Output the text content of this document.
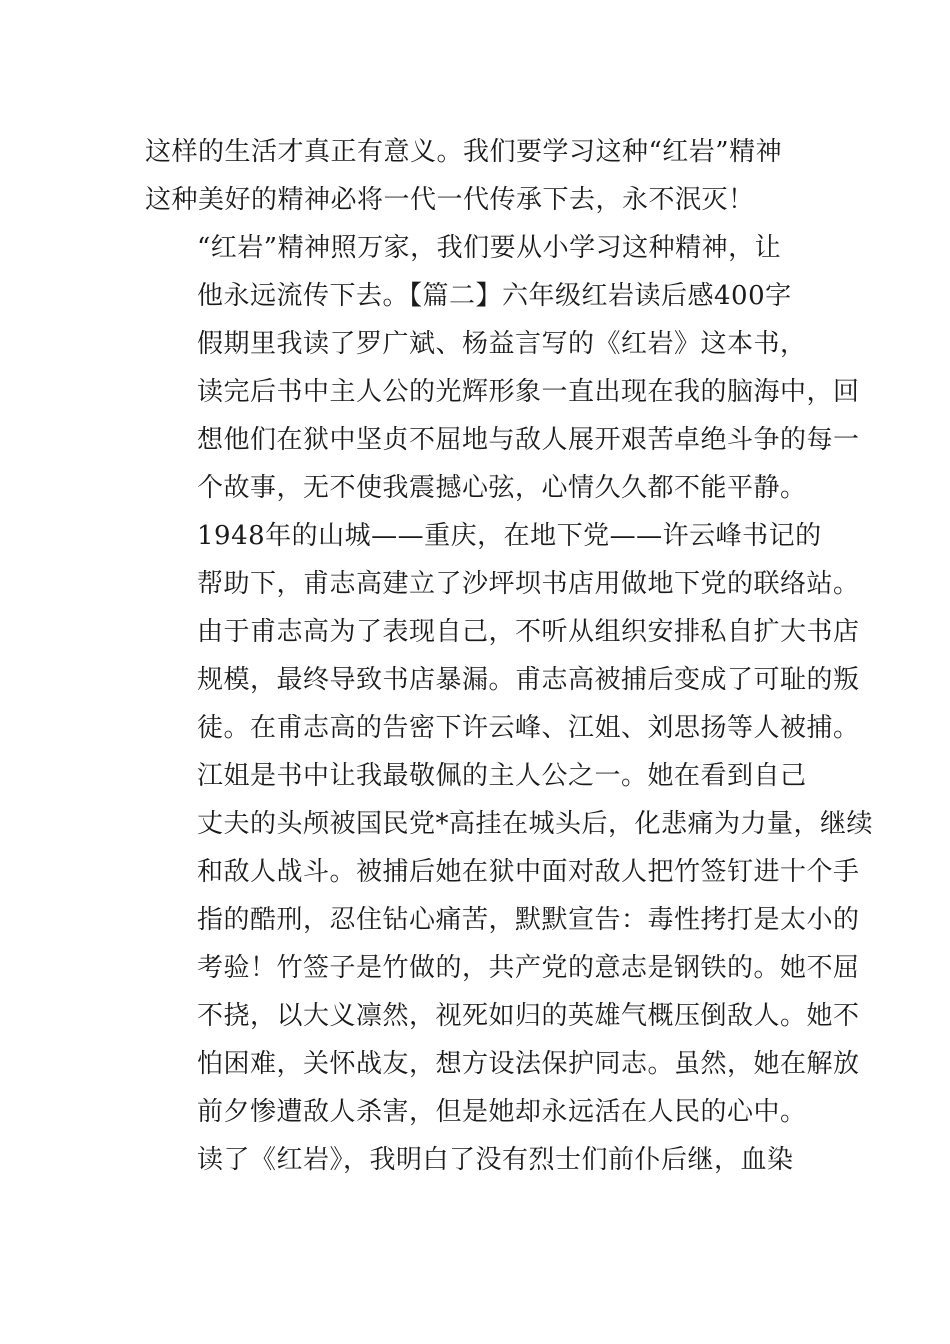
这样的生活才真正有意义。我们要学习这种“红岩”精神
这种美好的精神必将一代一代传承下去，永不泯灭！

“红岩”精神照万家，我们要从小学习这种精神，让
他永远流传下去。【篇二】六年级红岩读后感400字

假期里我读了罗广斌、杨益言写的《红岩》这本书，
读完后书中主人公的光辉形象一直出现在我的脑海中，回
想他们在狱中坚贞不屈地与敌人展开艰苦卓绝斗争的每一
个故事，无不使我震撼心弦，心情久久都不能平静。

1948年的山城——重庆，在地下党——许云峰书记的
帮助下，甫志高建立了沙坪坝书店用做地下党的联络站。
由于甫志高为了表现自己，不听从组织安排私自扩大书店
规模，最终导致书店暴漏。甫志高被捕后变成了可耻的叛
徒。在甫志高的告密下许云峰、江姐、刘思扬等人被捕。

江姐是书中让我最敬佩的主人公之一。她在看到自己
丈夫的头颅被国民党*高挂在城头后，化悲痛为力量，继续
和敌人战斗。被捕后她在狱中面对敌人把竹签钉进十个手
指的酷刑，忍住钻心痛苦，默默宣告：毒性拷打是太小的
考验！竹签子是竹做的，共产党的意志是钢铁的。她不屈
不挠，以大义凛然，视死如归的英雄气概压倒敌人。她不
怕困难，关怀战友，想方设法保护同志。虽然，她在解放
前夕惨遭敌人杀害，但是她却永远活在人民的心中。

读了《红岩》，我明白了没有烈士们前仆后继，血染
